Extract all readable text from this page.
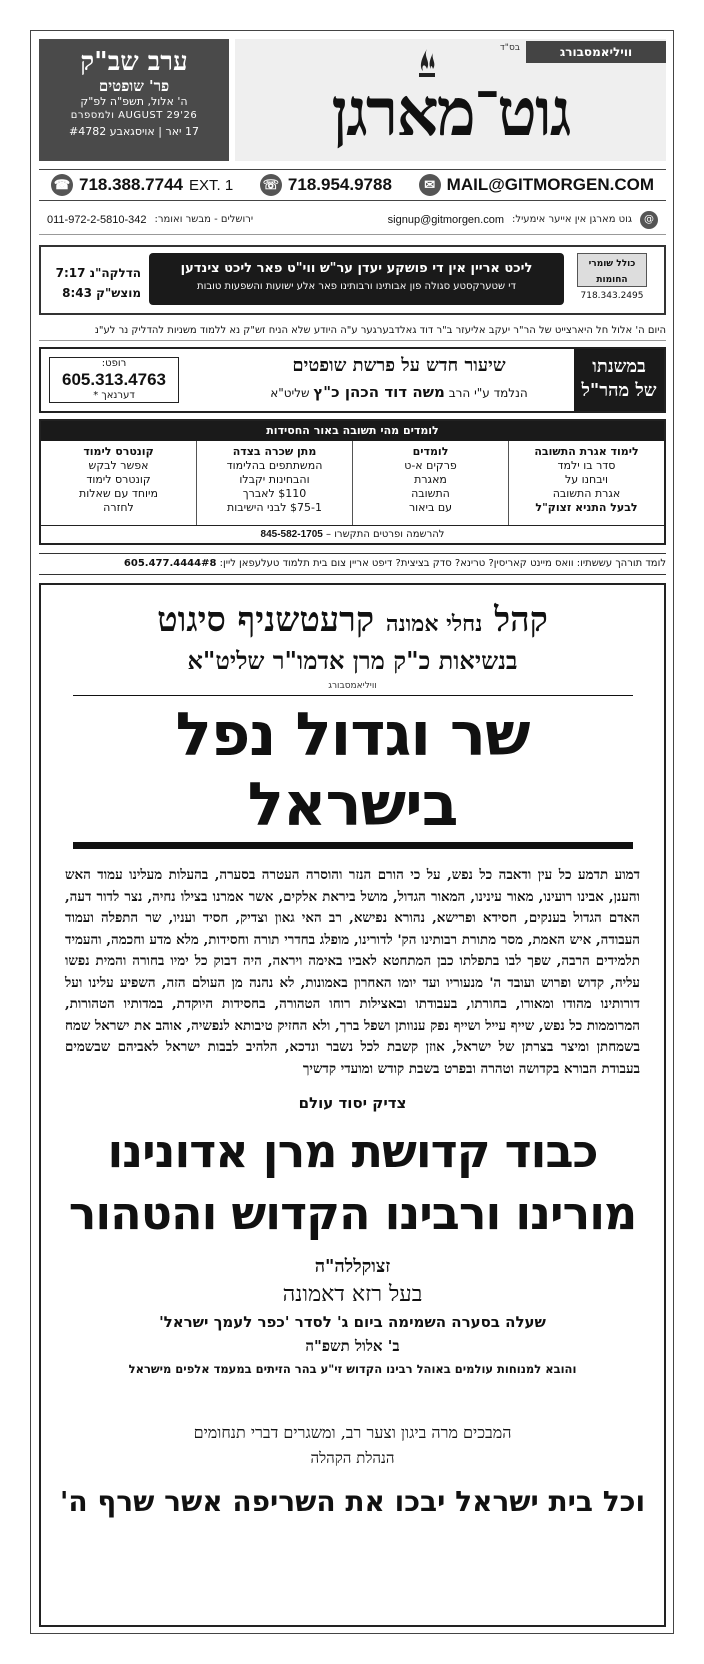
ערב שב"ק
פר' שופטים
ה' אלול, תשפ"ה לפ"ק
AUGUST 29'26 ולמספרם
17 יאר | אויסגאבע #4782
בס"ד	וויליאמסבורג
גוט־מארגן
☎ 718.388.7744 EXT. 1 ☏ 718.954.9788	✉ MAIL@GITMORGEN.COM
@
גוט מארגן אין אייער אימעיל:
signup@gitmorgen.com
ירושלים - מבשר ואומר:
011-972-2-5810-342
כולל שומרי החומות
718.343.2495
ליכט אריין אין די פושקע יעדן ער"ש ווי"ט פאר ליכט צינדען
די שטערקסטע סגולה פון אבותינו ורבותינו פאר אלע ישועות והשפעות טובות
הדלקה"נ 7:17
מוצש"ק 8:43
היום ה' אלול חל היארצייט של הר"ר יעקב אליעזר ב"ר דוד גאלדבערגער ע"ה היודע שלא הניח זש"ק נא ללמוד משניות להדליק נר לע"נ
במשנתו
של מהר"ל
שיעור חדש על פרשת שופטים
הנלמד ע"י הרב משה דוד הכהן כ"ץ שליט"א
רופט:
605.313.4763
דערנאך *
לומדים מהי תשובה באור החסידות
לימוד אגרת התשובה
סדר בו ילמד
ויבחנו על
אגרת התשובה
לבעל התניא זצוק"ל
לומדים
פרקים א-ט
מאגרת
התשובה
עם ביאור
מתן שכרה בצדה
המשתתפים בהלימוד
והבחינות יקבלו
$110 לאברך
$75-1 לבני הישיבות
קונטרס לימוד
אפשר לבקש
קונטרס לימוד
מיוחד עם שאלות
לחזרה
להרשמה ופרטים התקשרו – 845-582-1705
לומד תורהך עששתיו: וואס מיינט קאריסין? טרינא? סדק בציצית? דיפט אריין צום בית תלמוד טעלעפאן ליין: 605.477.4444#8
קהל נחלי אמונה קרעטשניף סיגוט
בנשיאות כ"ק מרן אדמו"ר שליט"א
וויליאמסבורג
שר וגדול נפל בישראל
דמוע תדמע כל עין ודאבה כל נפש, על כי הורם הנזר והוסרה העטרה בסערה, בהעלות מעלינו עמוד האש והענן, אבינו רועינו, מאור עינינו, המאור הגדול, מושל ביראת אלקים, אשר אמרנו בצילו נחיה, נצר לדור דעה, האדם הגדול בענקים, חסידא ופרישא, נהורא נפישא, רב האי גאון וצדיק, חסיד ועניו, שר התפלה ועמוד העבודה, איש האמת, מסר מתורת רבותינו הק' לדורינו, מופלג בחדרי תורה וחסידות, מלא מדע וחכמה, והעמיד תלמידים הרבה, שפך לבו בתפלתו כבן המתחטא לאביו באימה ויראה, היה דבוק כל ימיו בחורה והמית נפשו עליה, קדוש ופרוש ועובד ה' מנעוריו ועד יומו האחרון באמונות, לא נהנה מן העולם הזה, השפיע עלינו ועל דורותינו מהודו ומאורו, בחורתו, בעבודתו ובאצילות רוחו הטהורה, בחסידות היוקדת, במדותיו הטהורות, המרוממות כל נפש, שייף עייל ושייף נפק ענוותן ושפל ברך, ולא החזיק טיבותא לנפשיה, אוהב את ישראל שמח בשמחתן ומיצר בצרתן של ישראל, אוזן קשבת לכל נשבר ונדכא, הלהיב לבבות ישראל לאביהם שבשמים בעבודת הבורא בקדושה וטהרה ובפרט בשבת קודש ומועדי קדשיך
צדיק יסוד עולם
כבוד קדושת מרן אדונינו
מורינו ורבינו הקדוש והטהור
זצוקללה"ה
בעל רזא דאמונה
שעלה בסערה השמימה ביום ג' לסדר 'כפר לעמך ישראל'
ב' אלול תשפ"ה
והובא למנוחות עולמים באוהל רבינו הקדוש זי"ע בהר הזיתים במעמד אלפים מישראל
המבכים מרה ביגון וצער רב, ומשגרים דברי תנחומים
הנהלת הקהלה
וכל בית ישראל יבכו את השריפה אשר שרף ה'
